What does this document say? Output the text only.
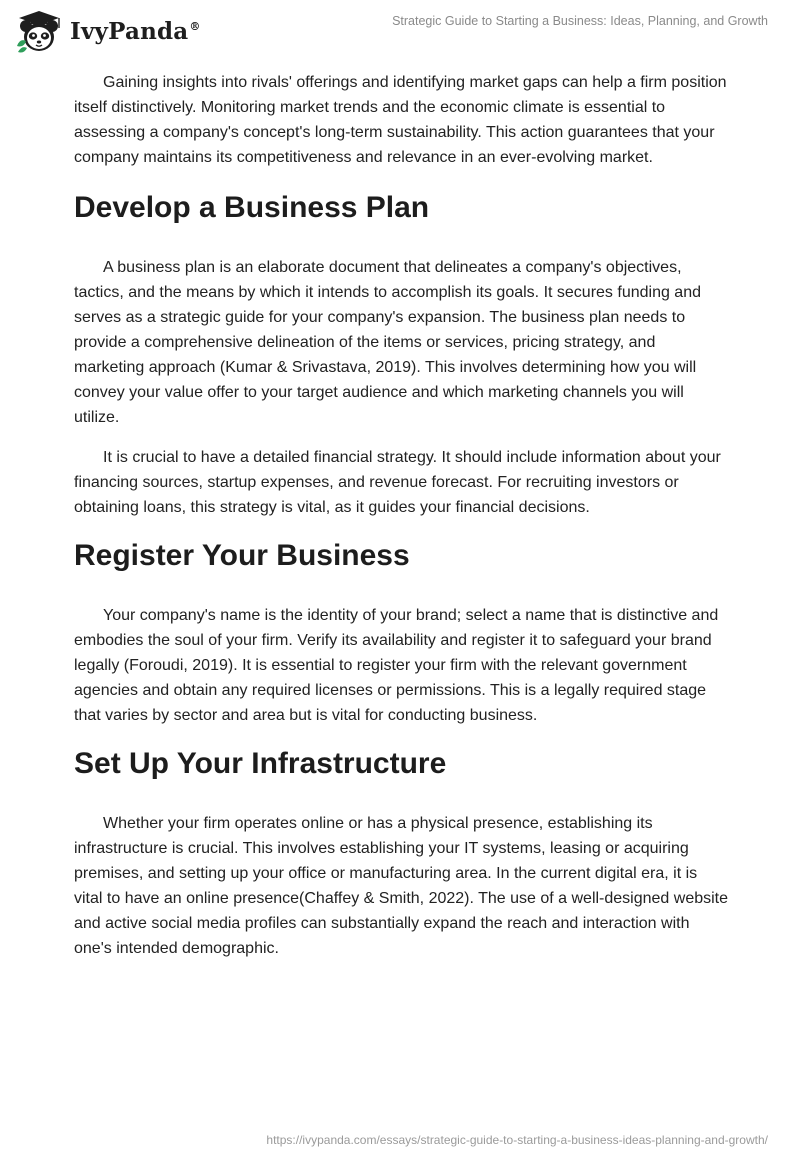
IvyPanda®	Strategic Guide to Starting a Business: Ideas, Planning, and Growth

Gaining insights into rivals' offerings and identifying market gaps can help a firm position itself distinctively. Monitoring market trends and the economic climate is essential to assessing a company's concept's long-term sustainability. This action guarantees that your company maintains its competitiveness and relevance in an ever-evolving market.

Develop a Business Plan

A business plan is an elaborate document that delineates a company's objectives, tactics, and the means by which it intends to accomplish its goals. It secures funding and serves as a strategic guide for your company's expansion. The business plan needs to provide a comprehensive delineation of the items or services, pricing strategy, and marketing approach (Kumar & Srivastava, 2019). This involves determining how you will convey your value offer to your target audience and which marketing channels you will utilize.

It is crucial to have a detailed financial strategy. It should include information about your financing sources, startup expenses, and revenue forecast. For recruiting investors or obtaining loans, this strategy is vital, as it guides your financial decisions.

Register Your Business

Your company's name is the identity of your brand; select a name that is distinctive and embodies the soul of your firm. Verify its availability and register it to safeguard your brand legally (Foroudi, 2019). It is essential to register your firm with the relevant government agencies and obtain any required licenses or permissions. This is a legally required stage that varies by sector and area but is vital for conducting business.

Set Up Your Infrastructure

Whether your firm operates online or has a physical presence, establishing its infrastructure is crucial. This involves establishing your IT systems, leasing or acquiring premises, and setting up your office or manufacturing area. In the current digital era, it is vital to have an online presence(Chaffey & Smith, 2022). The use of a well-designed website and active social media profiles can substantially expand the reach and interaction with one's intended demographic.

https://ivypanda.com/essays/strategic-guide-to-starting-a-business-ideas-planning-and-growth/
